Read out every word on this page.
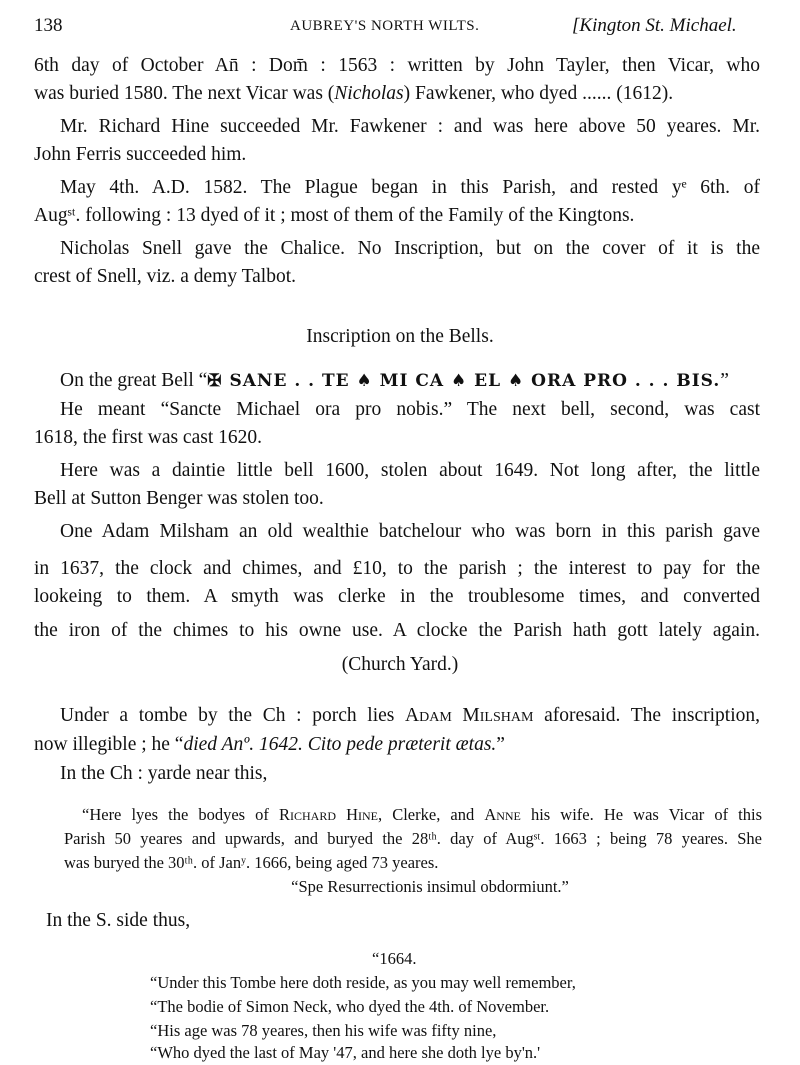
138	AUBREY'S NORTH WILTS.	[Kington St. Michael.
6th day of October An̄ : Dom̄ : 1563 : written by John Tayler, then Vicar, who
was buried 1580. The next Vicar was (Nicholas) Fawkener, who dyed ...... (1612).
Mr. Richard Hine succeeded Mr. Fawkener : and was here above 50 yeares. Mr.
John Ferris succeeded him.
May 4th. A.D. 1582. The Plague began in this Parish, and rested yᵉ 6th. of
Augˢᵗ. following : 13 dyed of it ; most of them of the Family of the Kingtons.
Nicholas Snell gave the Chalice. No Inscription, but on the cover of it is the
crest of Snell, viz. a demy Talbot.
Inscription on the Bells.
On the great Bell “✠ SANE . . TE ♠ MI CA ♠ EL ♠ ORA PRO . . . BIS.”
He meant “Sancte Michael ora pro nobis.” The next bell, second, was cast
1618, the first was cast 1620.
Here was a daintie little bell 1600, stolen about 1649. Not long after, the little
Bell at Sutton Benger was stolen too.
One Adam Milsham an old wealthie batchelour who was born in this parish gave
in 1637, the clock and chimes, and £10, to the parish ; the interest to pay for the
lookeing to them. A smyth was clerke in the troublesome times, and converted
the iron of the chimes to his owne use. A clocke the Parish hath gott lately again.
(Church Yard.)
Under a tombe by the Ch : porch lies Adam Milsham aforesaid. The inscription,
now illegible ; he “died Anº. 1642. Cito pede præterit ætas.”
In the Ch : yarde near this,
“Here lyes the bodyes of Richard Hine, Clerke, and Anne his wife. He was Vicar of this
Parish 50 yeares and upwards, and buryed the 28ᵗʰ. day of Augˢᵗ. 1663 ; being 78 yeares. She
was buryed the 30ᵗʰ. of Janʸ. 1666, being aged 73 yeares.
“Spe Resurrectionis insimul obdormiunt.”
In the S. side thus,
“1664.
“Under this Tombe here doth reside, as you may well remember,
“The bodie of Simon Neck, who dyed the 4th. of November.
“His age was 78 yeares, then his wife was fifty nine,
“Who dyed the last of May '47, and here she doth lye by'n.'
